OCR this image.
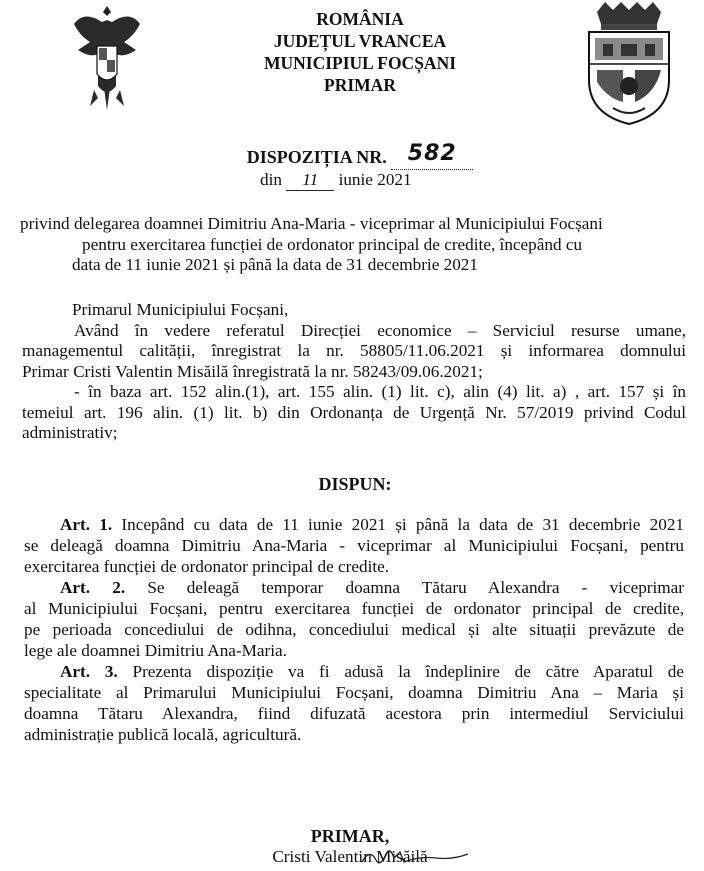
ROMÂNIA
JUDEȚUL VRANCEA
MUNICIPIUL FOCȘANI
PRIMAR
DISPOZIȚIA NR. 582
din 11 iunie 2021
privind delegarea doamnei Dimitriu Ana-Maria - viceprimar al Municipiului Focșani
pentru exercitarea funcției de ordonator principal de credite, începând cu
data de 11 iunie 2021 și până la data de 31 decembrie 2021
Primarul Municipiului Focșani,
Având în vedere referatul Direcției economice – Serviciul resurse umane,
managementul calității, înregistrat la nr. 58805/11.06.2021 și informarea domnului
Primar Cristi Valentin Misăilă înregistrată la nr. 58243/09.06.2021;
- în baza art. 152 alin.(1), art. 155 alin. (1) lit. c), alin (4) lit. a) , art. 157 și în
temeiul art. 196 alin. (1) lit. b) din Ordonanța de Urgență Nr. 57/2019 privind Codul
administrativ;
DISPUN:
Art. 1. Incepând cu data de 11 iunie 2021 și până la data de 31 decembrie 2021
se deleagă doamna Dimitriu Ana-Maria - viceprimar al Municipiului Focșani, pentru
exercitarea funcției de ordonator principal de credite.
Art. 2. Se deleagă temporar doamna Tătaru Alexandra - viceprimar
al Municipiului Focșani, pentru exercitarea funcției de ordonator principal de credite,
pe perioada concediului de odihna, concediului medical și alte situații prevăzute de
lege ale doamnei Dimitriu Ana-Maria.
Art. 3. Prezenta dispoziție va fi adusă la îndeplinire de către Aparatul de
specialitate al Primarului Municipiului Focșani, doamna Dimitriu Ana – Maria și
doamna Tătaru Alexandra, fiind difuzată acestora prin intermediul Serviciului
administrație publică locală, agricultură.
PRIMAR,
Cristi Valentin Misăilă
